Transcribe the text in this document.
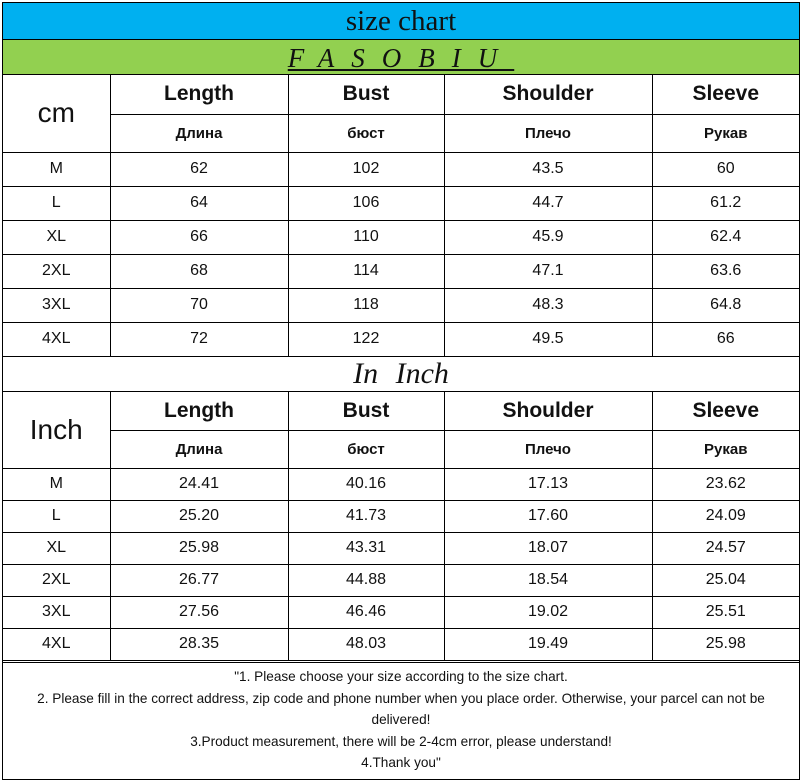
size chart
FASOBIU
cm	Length	Bust	Shoulder	Sleeve
	Длина	бюст	Плечо	Рукав
M	62	102	43.5	60
L	64	106	44.7	61.2
XL	66	110	45.9	62.4
2XL	68	114	47.1	63.6
3XL	70	118	48.3	64.8
4XL	72	122	49.5	66
In Inch
Inch	Length	Bust	Shoulder	Sleeve
	Длина	бюст	Плечо	Рукав
M	24.41	40.16	17.13	23.62
L	25.20	41.73	17.60	24.09
XL	25.98	43.31	18.07	24.57
2XL	26.77	44.88	18.54	25.04
3XL	27.56	46.46	19.02	25.51
4XL	28.35	48.03	19.49	25.98
"1. Please choose your size according to the size chart.
2. Please fill in the correct address, zip code and phone number when you place order. Otherwise, your parcel can not be delivered!
3.Product measurement, there will be 2-4cm error, please understand!
4.Thank you"
